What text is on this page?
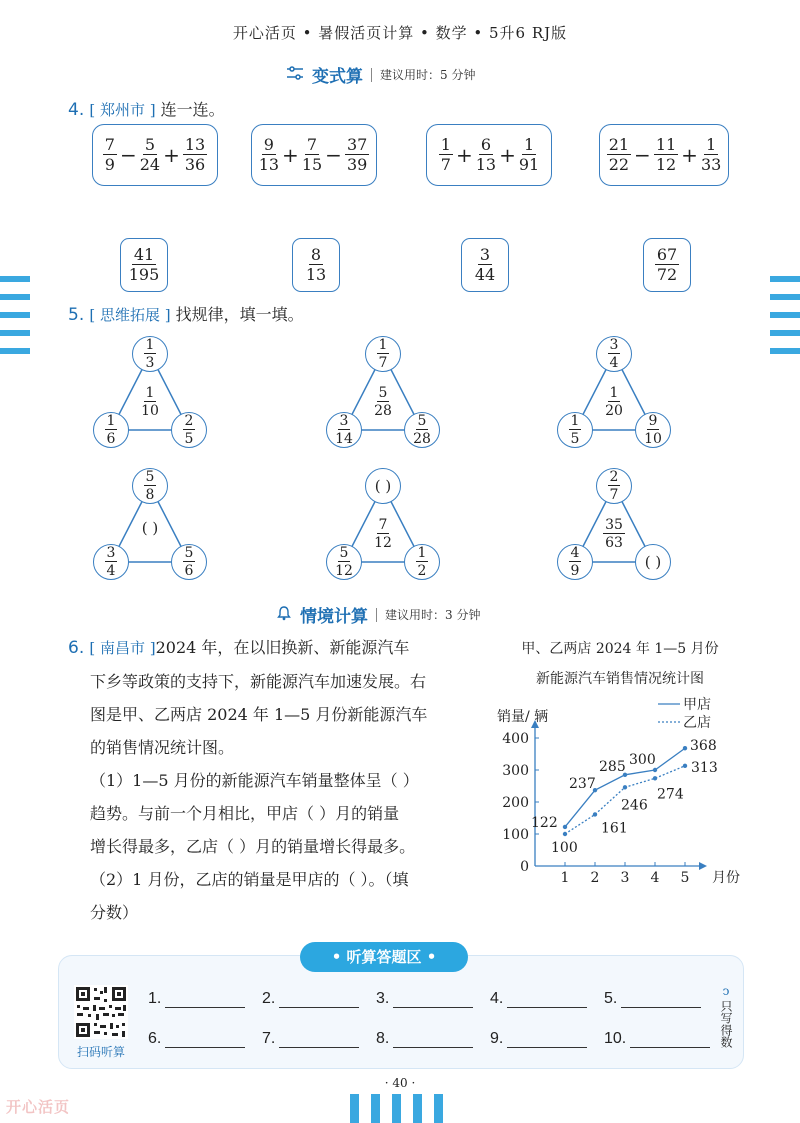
开心活页 • 暑假活页计算 • 数学 • 5升6 RJ版
变式算 建议用时：5 分钟
4. [ 郑州市 ] 连一连。
5. [ 思维拓展 ] 找规律，填一填。
情境计算 建议用时：3 分钟
6. [ 南昌市 ]2024 年，在以旧换新、新能源汽车
下乡等政策的支持下，新能源汽车加速发展。右
图是甲、乙两店 2024 年 1—5 月份新能源汽车
的销售情况统计图。
（1）1—5 月份的新能源汽车销量整体呈（ ）
趋势。与前一个月相比，甲店（ ）月的销量
增长得最多，乙店（ ）月的销量增长得最多。
（2）1 月份，乙店的销量是甲店的（ ）。（填
分数）
甲、乙两店 2024 年 1—5 月份
新能源汽车销售情况统计图
销量/ 辆
月份
0
100
200
300
400
1 2 3 4 5
甲店
乙店
122
237
285 300
368
100
161
246
274
313
• 听算答题区 •
扫码听算
ↄ
只写得数
· 40 ·
开心活页
$\frac{7}{9} - \frac{5}{24} + \frac{13}{36}$	$\frac{9}{13} + \frac{7}{15} - \frac{37}{39}$	$\frac{1}{7} + \frac{6}{13} + \frac{1}{91}$	$\frac{21}{22} - \frac{11}{12} + \frac{1}{33}$
$\frac{41}{195}$	$\frac{8}{13}$	$\frac{3}{44}$	$\frac{67}{72}$
$\frac{1}{3}$
$\frac{1}{6}$	$\frac{2}{5}$
$\frac{1}{10}$
$\frac{1}{7}$
$\frac{3}{14}$	$\frac{5}{28}$
$\frac{5}{28}$
$\frac{3}{4}$
$\frac{1}{5}$	$\frac{9}{10}$
$\frac{1}{20}$
$\frac{5}{8}$
$\frac{3}{4}$	$\frac{5}{6}$
( )
( )
$\frac{5}{12}$	$\frac{1}{2}$
$\frac{7}{12}$
$\frac{2}{7}$
$\frac{4}{9}$	( )
$\frac{35}{63}$
1.	2.	3.	4.	5.
6.	7.	8.	9.	10.
